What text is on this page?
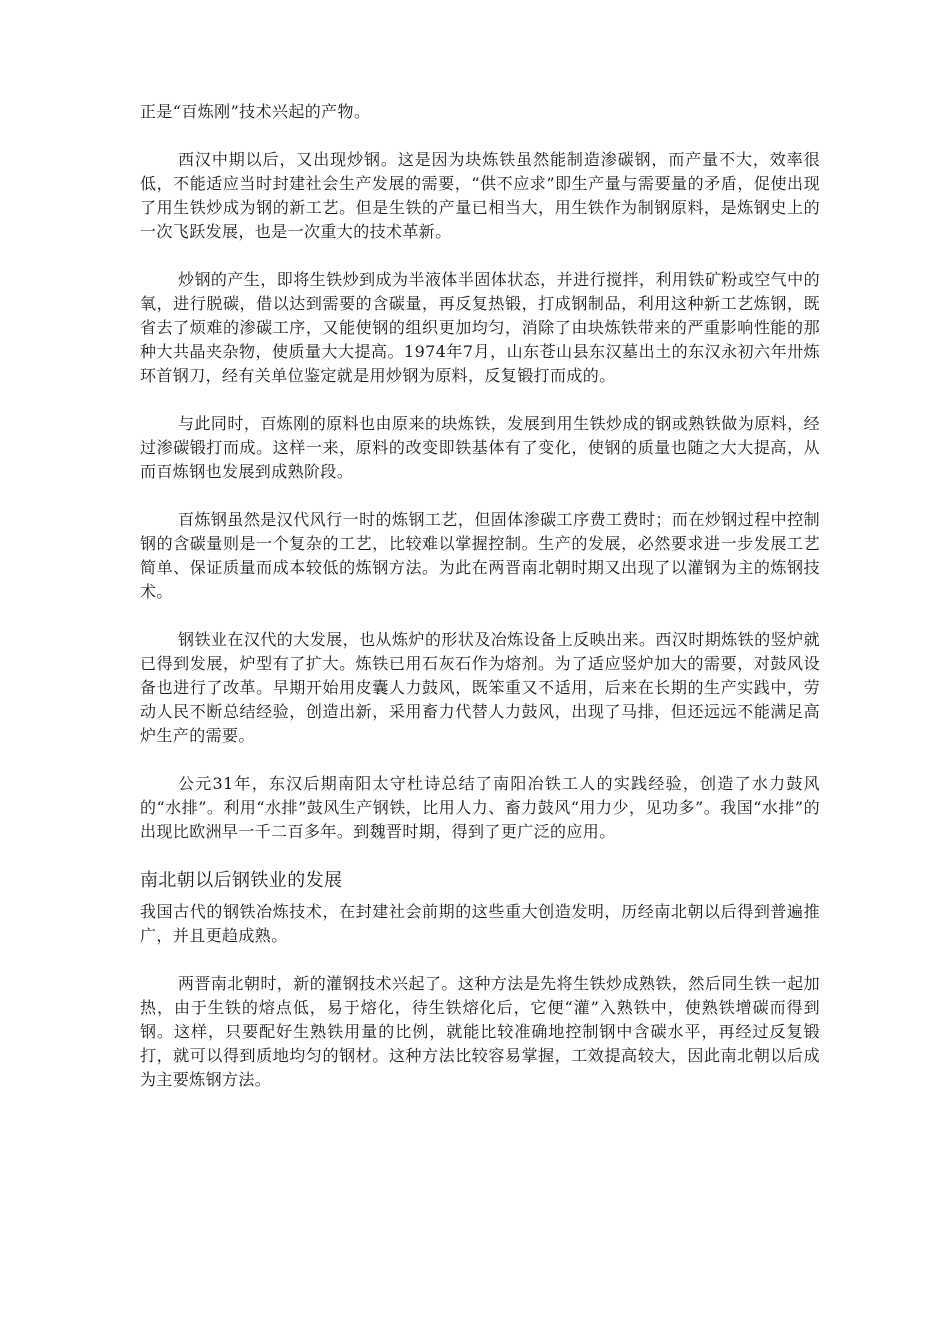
正是“百炼刚”技术兴起的产物。

西汉中期以后，又出现炒钢。这是因为块炼铁虽然能制造渗碳钢，而产量不大，效率很低，不能适应当时封建社会生产发展的需要，“供不应求”即生产量与需要量的矛盾，促使出现了用生铁炒成为钢的新工艺。但是生铁的产量已相当大，用生铁作为制钢原料，是炼钢史上的一次飞跃发展，也是一次重大的技术革新。

炒钢的产生，即将生铁炒到成为半液体半固体状态，并进行搅拌，利用铁矿粉或空气中的氧，进行脱碳，借以达到需要的含碳量，再反复热锻，打成钢制品，利用这种新工艺炼钢，既省去了烦难的渗碳工序，又能使钢的组织更加均匀，消除了由块炼铁带来的严重影响性能的那种大共晶夹杂物，使质量大大提高。1974年7月，山东苍山县东汉墓出土的东汉永初六年卅炼环首钢刀，经有关单位鉴定就是用炒钢为原料，反复锻打而成的。

与此同时，百炼刚的原料也由原来的块炼铁，发展到用生铁炒成的钢或熟铁做为原料，经过渗碳锻打而成。这样一来，原料的改变即铁基体有了变化，使钢的质量也随之大大提高，从而百炼钢也发展到成熟阶段。

百炼钢虽然是汉代风行一时的炼钢工艺，但固体渗碳工序费工费时；而在炒钢过程中控制钢的含碳量则是一个复杂的工艺，比较难以掌握控制。生产的发展，必然要求进一步发展工艺简单、保证质量而成本较低的炼钢方法。为此在两晋南北朝时期又出现了以灌钢为主的炼钢技术。

钢铁业在汉代的大发展，也从炼炉的形状及冶炼设备上反映出来。西汉时期炼铁的竖炉就已得到发展，炉型有了扩大。炼铁已用石灰石作为熔剂。为了适应竖炉加大的需要，对鼓风设备也进行了改革。早期开始用皮囊人力鼓风，既笨重又不适用，后来在长期的生产实践中，劳动人民不断总结经验，创造出新，采用畜力代替人力鼓风，出现了马排，但还远远不能满足高炉生产的需要。

公元31年，东汉后期南阳太守杜诗总结了南阳冶铁工人的实践经验，创造了水力鼓风的“水排”。利用“水排”鼓风生产钢铁，比用人力、畜力鼓风“用力少，见功多”。我国“水排”的出现比欧洲早一千二百多年。到魏晋时期，得到了更广泛的应用。

南北朝以后钢铁业的发展

我国古代的钢铁冶炼技术，在封建社会前期的这些重大创造发明，历经南北朝以后得到普遍推广，并且更趋成熟。

两晋南北朝时，新的灌钢技术兴起了。这种方法是先将生铁炒成熟铁，然后同生铁一起加热，由于生铁的熔点低，易于熔化，待生铁熔化后，它便“灌”入熟铁中，使熟铁增碳而得到钢。这样，只要配好生熟铁用量的比例，就能比较准确地控制钢中含碳水平，再经过反复锻打，就可以得到质地均匀的钢材。这种方法比较容易掌握，工效提高较大，因此南北朝以后成为主要炼钢方法。
